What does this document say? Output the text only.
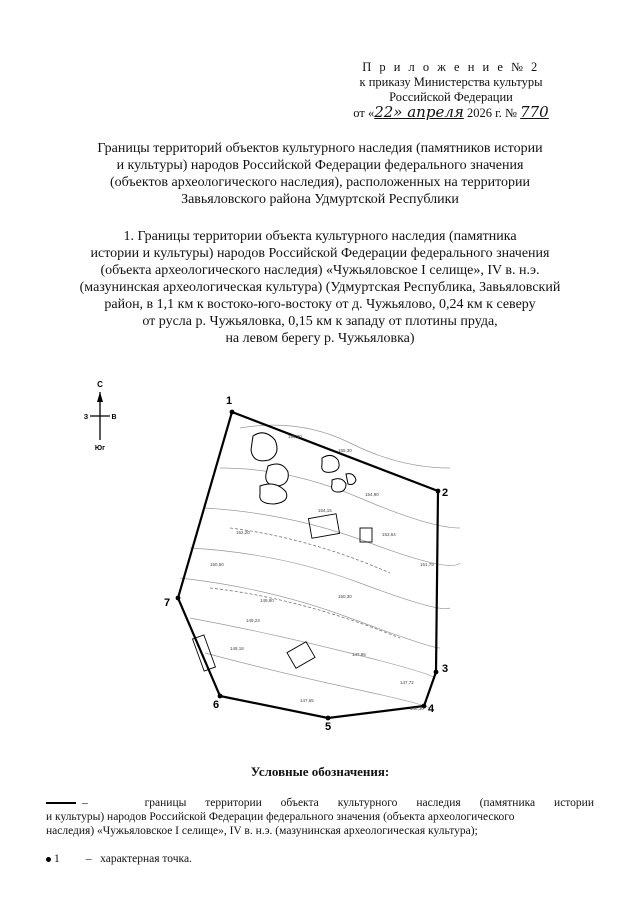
П р и л о ж е н и е № 2
к приказу Министерства культуры
Российской Федерации
от «22» апреля 2026 г. № 770
Границы территорий объектов культурного наследия (памятников истории
и культуры) народов Российской Федерации федерального значения
(объектов археологического наследия), расположенных на территории
Завьяловского района Удмуртской Республики
1. Границы территории объекта культурного наследия (памятника
истории и культуры) народов Российской Федерации федерального значения
(объекта археологического наследия) «Чужьяловское I селище», IV в. н.э.
(мазунинская археологическая культура) (Удмуртская Республика, Завьяловский
район, в 1,1 км к востоко-юго-востоку от д. Чужьялово, 0,24 км к северу
от русла р. Чужьяловка, 0,15 км к западу от плотины пруда,
на левом берегу р. Чужьяловка)
С
З	В
Юг
1
2
3
4
5
6
7
155,80
155,30
154,90
154,15
153,64
152,20
151,79
150,50
150,30
149,80
149,23
148,18
147,95
147,72
147,65
146,30
Условные обозначения:
–	границы территории объекта культурного наследия (памятника истории
и культуры) народов Российской Федерации федерального значения (объекта археологического
наследия) «Чужьяловское I селище», IV в. н.э. (мазунинская археологическая культура);
1 – характерная точка.
